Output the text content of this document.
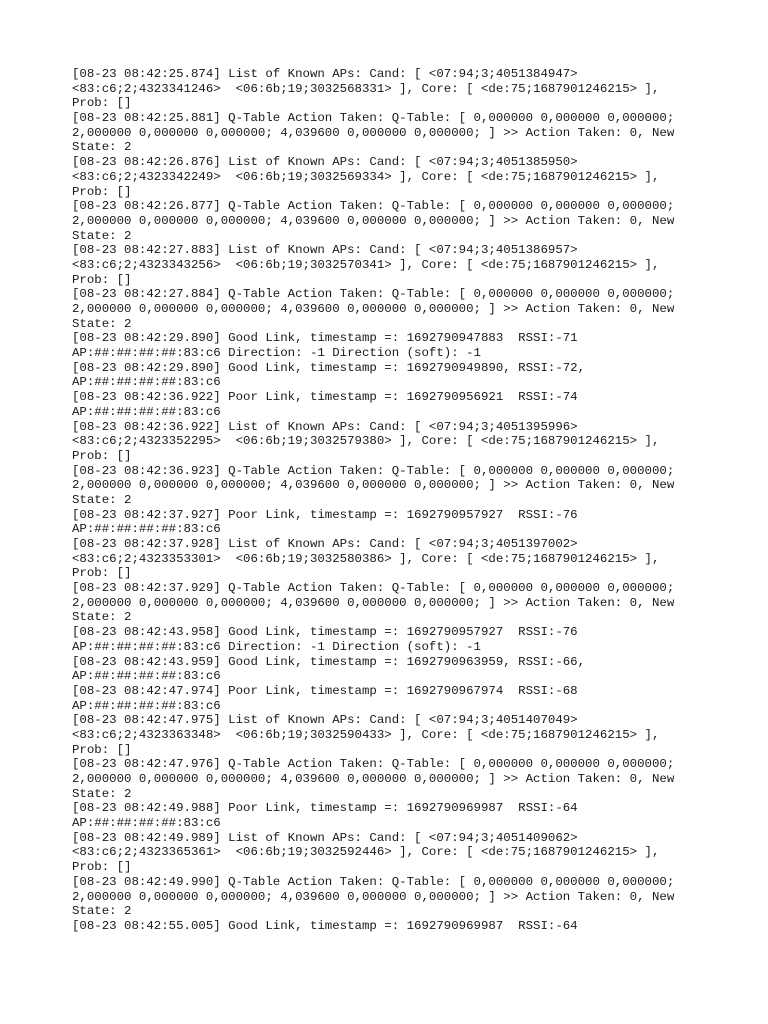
[08-23 08:42:25.874] List of Known APs: Cand: [ <07:94;3;4051384947>
<83:c6;2;4323341246>  <06:6b;19;3032568331> ], Core: [ <de:75;1687901246215> ],
Prob: []
[08-23 08:42:25.881] Q-Table Action Taken: Q-Table: [ 0,000000 0,000000 0,000000;
2,000000 0,000000 0,000000; 4,039600 0,000000 0,000000; ] >> Action Taken: 0, New
State: 2
[08-23 08:42:26.876] List of Known APs: Cand: [ <07:94;3;4051385950>
<83:c6;2;4323342249>  <06:6b;19;3032569334> ], Core: [ <de:75;1687901246215> ],
Prob: []
[08-23 08:42:26.877] Q-Table Action Taken: Q-Table: [ 0,000000 0,000000 0,000000;
2,000000 0,000000 0,000000; 4,039600 0,000000 0,000000; ] >> Action Taken: 0, New
State: 2
[08-23 08:42:27.883] List of Known APs: Cand: [ <07:94;3;4051386957>
<83:c6;2;4323343256>  <06:6b;19;3032570341> ], Core: [ <de:75;1687901246215> ],
Prob: []
[08-23 08:42:27.884] Q-Table Action Taken: Q-Table: [ 0,000000 0,000000 0,000000;
2,000000 0,000000 0,000000; 4,039600 0,000000 0,000000; ] >> Action Taken: 0, New
State: 2
[08-23 08:42:29.890] Good Link, timestamp =: 1692790947883  RSSI:-71
AP:##:##:##:##:83:c6 Direction: -1 Direction (soft): -1
[08-23 08:42:29.890] Good Link, timestamp =: 1692790949890, RSSI:-72,
AP:##:##:##:##:83:c6
[08-23 08:42:36.922] Poor Link, timestamp =: 1692790956921  RSSI:-74
AP:##:##:##:##:83:c6
[08-23 08:42:36.922] List of Known APs: Cand: [ <07:94;3;4051395996>
<83:c6;2;4323352295>  <06:6b;19;3032579380> ], Core: [ <de:75;1687901246215> ],
Prob: []
[08-23 08:42:36.923] Q-Table Action Taken: Q-Table: [ 0,000000 0,000000 0,000000;
2,000000 0,000000 0,000000; 4,039600 0,000000 0,000000; ] >> Action Taken: 0, New
State: 2
[08-23 08:42:37.927] Poor Link, timestamp =: 1692790957927  RSSI:-76
AP:##:##:##:##:83:c6
[08-23 08:42:37.928] List of Known APs: Cand: [ <07:94;3;4051397002>
<83:c6;2;4323353301>  <06:6b;19;3032580386> ], Core: [ <de:75;1687901246215> ],
Prob: []
[08-23 08:42:37.929] Q-Table Action Taken: Q-Table: [ 0,000000 0,000000 0,000000;
2,000000 0,000000 0,000000; 4,039600 0,000000 0,000000; ] >> Action Taken: 0, New
State: 2
[08-23 08:42:43.958] Good Link, timestamp =: 1692790957927  RSSI:-76
AP:##:##:##:##:83:c6 Direction: -1 Direction (soft): -1
[08-23 08:42:43.959] Good Link, timestamp =: 1692790963959, RSSI:-66,
AP:##:##:##:##:83:c6
[08-23 08:42:47.974] Poor Link, timestamp =: 1692790967974  RSSI:-68
AP:##:##:##:##:83:c6
[08-23 08:42:47.975] List of Known APs: Cand: [ <07:94;3;4051407049>
<83:c6;2;4323363348>  <06:6b;19;3032590433> ], Core: [ <de:75;1687901246215> ],
Prob: []
[08-23 08:42:47.976] Q-Table Action Taken: Q-Table: [ 0,000000 0,000000 0,000000;
2,000000 0,000000 0,000000; 4,039600 0,000000 0,000000; ] >> Action Taken: 0, New
State: 2
[08-23 08:42:49.988] Poor Link, timestamp =: 1692790969987  RSSI:-64
AP:##:##:##:##:83:c6
[08-23 08:42:49.989] List of Known APs: Cand: [ <07:94;3;4051409062>
<83:c6;2;4323365361>  <06:6b;19;3032592446> ], Core: [ <de:75;1687901246215> ],
Prob: []
[08-23 08:42:49.990] Q-Table Action Taken: Q-Table: [ 0,000000 0,000000 0,000000;
2,000000 0,000000 0,000000; 4,039600 0,000000 0,000000; ] >> Action Taken: 0, New
State: 2
[08-23 08:42:55.005] Good Link, timestamp =: 1692790969987  RSSI:-64
